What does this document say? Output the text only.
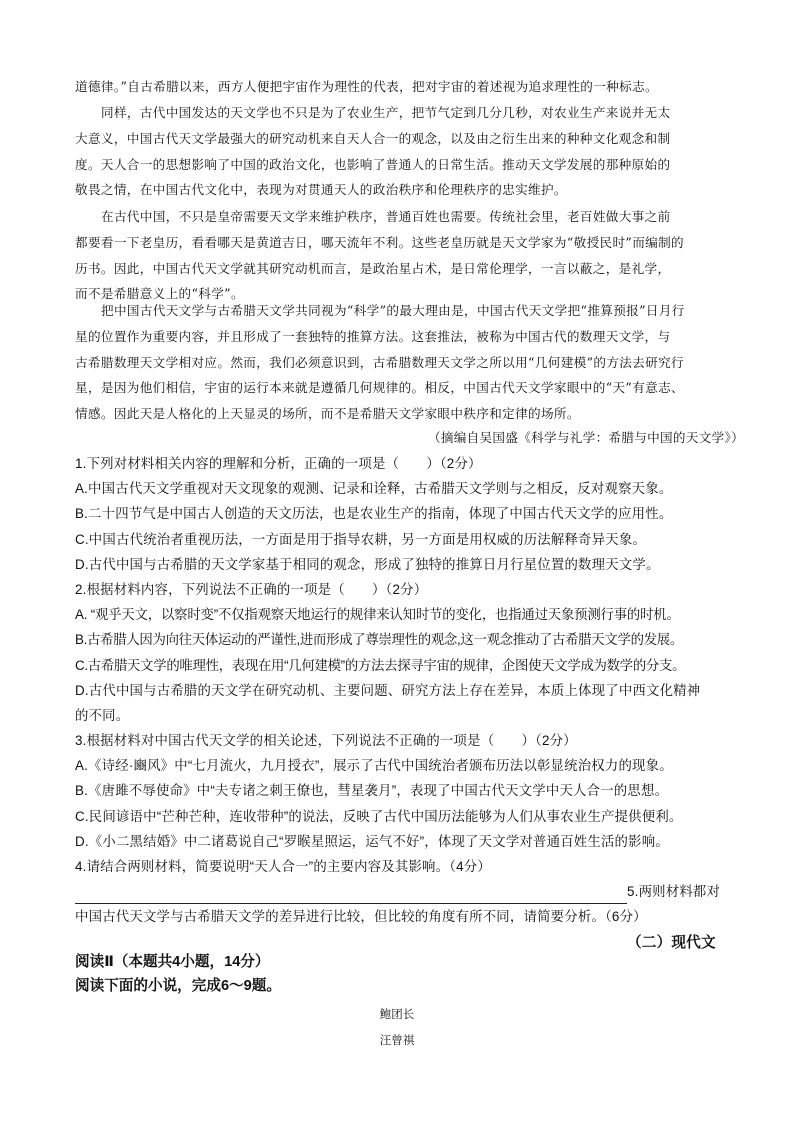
道德律。”自古希腊以来，西方人便把宇宙作为理性的代表，把对宇宙的着述视为追求理性的一种标志。
同样，古代中国发达的天文学也不只是为了农业生产，把节气定到几分几秒，对农业生产来说并无太
大意义，中国古代天文学最强大的研究动机来自天人合一的观念，以及由之衍生出来的种种文化观念和制
度。天人合一的思想影响了中国的政治文化，也影响了普通人的日常生活。推动天文学发展的那种原始的
敬畏之情，在中国古代文化中，表现为对贯通天人的政治秩序和伦理秩序的忠实维护。
在古代中国，不只是皇帝需要天文学来维护秩序，普通百姓也需要。传统社会里，老百姓做大事之前
都要看一下老皇历，看看哪天是黄道吉日，哪天流年不利。这些老皇历就是天文学家为“敬授民时”而编制的
历书。因此，中国古代天文学就其研究动机而言，是政治星占术，是日常伦理学，一言以蔽之，是礼学，
而不是希腊意义上的“科学”。
把中国古代天文学与古希腊天文学共同视为“科学”的最大理由是，中国古代天文学把“推算预报”日月行
星的位置作为重要内容，并且形成了一套独特的推算方法。这套推法，被称为中国古代的数理天文学，与
古希腊数理天文学相对应。然而，我们必须意识到，古希腊数理天文学之所以用“几何建模”的方法去研究行
星，是因为他们相信，宇宙的运行本来就是遵循几何规律的。相反，中国古代天文学家眼中的“天”有意志、
情感。因此天是人格化的上天显灵的场所，而不是希腊天文学家眼中秩序和定律的场所。
（摘编自吴国盛《科学与礼学：希腊与中国的天文学》）
1.下列对材料相关内容的理解和分析，正确的一项是（　　）（2分）
A.中国古代天文学重视对天文现象的观测、记录和诠释，古希腊天文学则与之相反，反对观察天象。
B.二十四节气是中国古人创造的天文历法，也是农业生产的指南，体现了中国古代天文学的应用性。
C.中国古代统治者重视历法，一方面是用于指导农耕，另一方面是用权威的历法解释奇异天象。
D.古代中国与古希腊的天文学家基于相同的观念，形成了独特的推算日月行星位置的数理天文学。
2.根据材料内容，下列说法不正确的一项是（　　）（2分）
A. “观乎天文，以察时变”不仅指观察天地运行的规律来认知时节的变化，也指通过天象预测行事的时机。
B.古希腊人因为向往天体运动的严谨性,进而形成了尊崇理性的观念,这一观念推动了古希腊天文学的发展。
C.古希腊天文学的唯理性，表现在用“几何建模”的方法去探寻宇宙的规律，企图使天文学成为数学的分支。
D.古代中国与古希腊的天文学在研究动机、主要问题、研究方法上存在差异，本质上体现了中西文化精神
的不同。
3.根据材料对中国古代天文学的相关论述，下列说法不正确的一项是（　　）（2分）
A.《诗经·豳风》中“七月流火，九月授衣”，展示了古代中国统治者颁布历法以彰显统治权力的现象。
B.《唐雎不辱使命》中“夫专诸之刺王僚也，彗星袭月”，表现了中国古代天文学中天人合一的思想。
C.民间谚语中“芒种芒种，连收带种”的说法，反映了古代中国历法能够为人们从事农业生产提供便利。
D.《小二黑结婚》中二诸葛说自己“罗睺星照运，运气不好”，体现了天文学对普通百姓生活的影响。
4.请结合两则材料，简要说明“天人合一”的主要内容及其影响。（4分）
5.两则材料都对
中国古代天文学与古希腊天文学的差异进行比较，但比较的角度有所不同，请简要分析。（6分）
（二）现代文
阅读Ⅱ（本题共4小题，14分）
阅读下面的小说，完成6～9题。
鲍团长
汪曾祺
